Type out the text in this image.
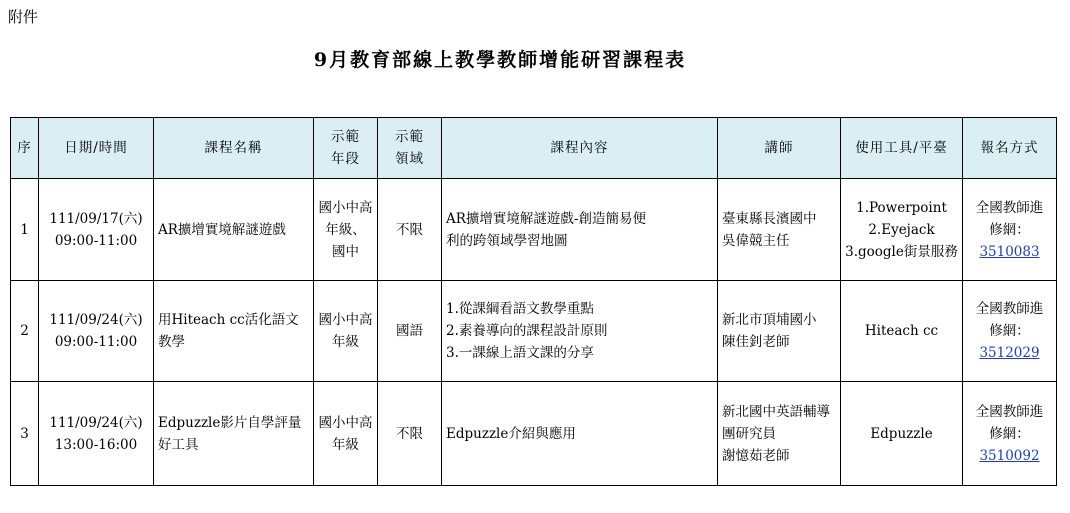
附件
9月教育部線上教學教師增能研習課程表
序	日期/時間	課程名稱	示範
年段	示範
領域	課程內容	講師	使用工具/平臺	報名方式

1	111/09/17(六)
09:00-11:00	AR擴增實境解謎遊戲	國小中高
年級、
國中	不限	AR擴增實境解謎遊戲-創造簡易便
利的跨領域學習地圖	臺東縣長濱國中
吳偉競主任	1.Powerpoint
2.Eyejack
3.google街景服務	全國教師進
修網：
3510083

2	111/09/24(六)
09:00-11:00	用Hiteach cc活化語文教學	國小中高
年級	國語	1.從課綱看語文教學重點
2.素養導向的課程設計原則
3.一課線上語文課的分享	新北市頂埔國小
陳佳釗老師	Hiteach cc	全國教師進
修網：
3512029

3	111/09/24(六)
13:00-16:00	Edpuzzle影片自學評量好工具	國小中高
年級	不限	Edpuzzle介紹與應用	新北國中英語輔導
團研究員
謝憶茹老師	Edpuzzle	全國教師進
修網：
3510092
